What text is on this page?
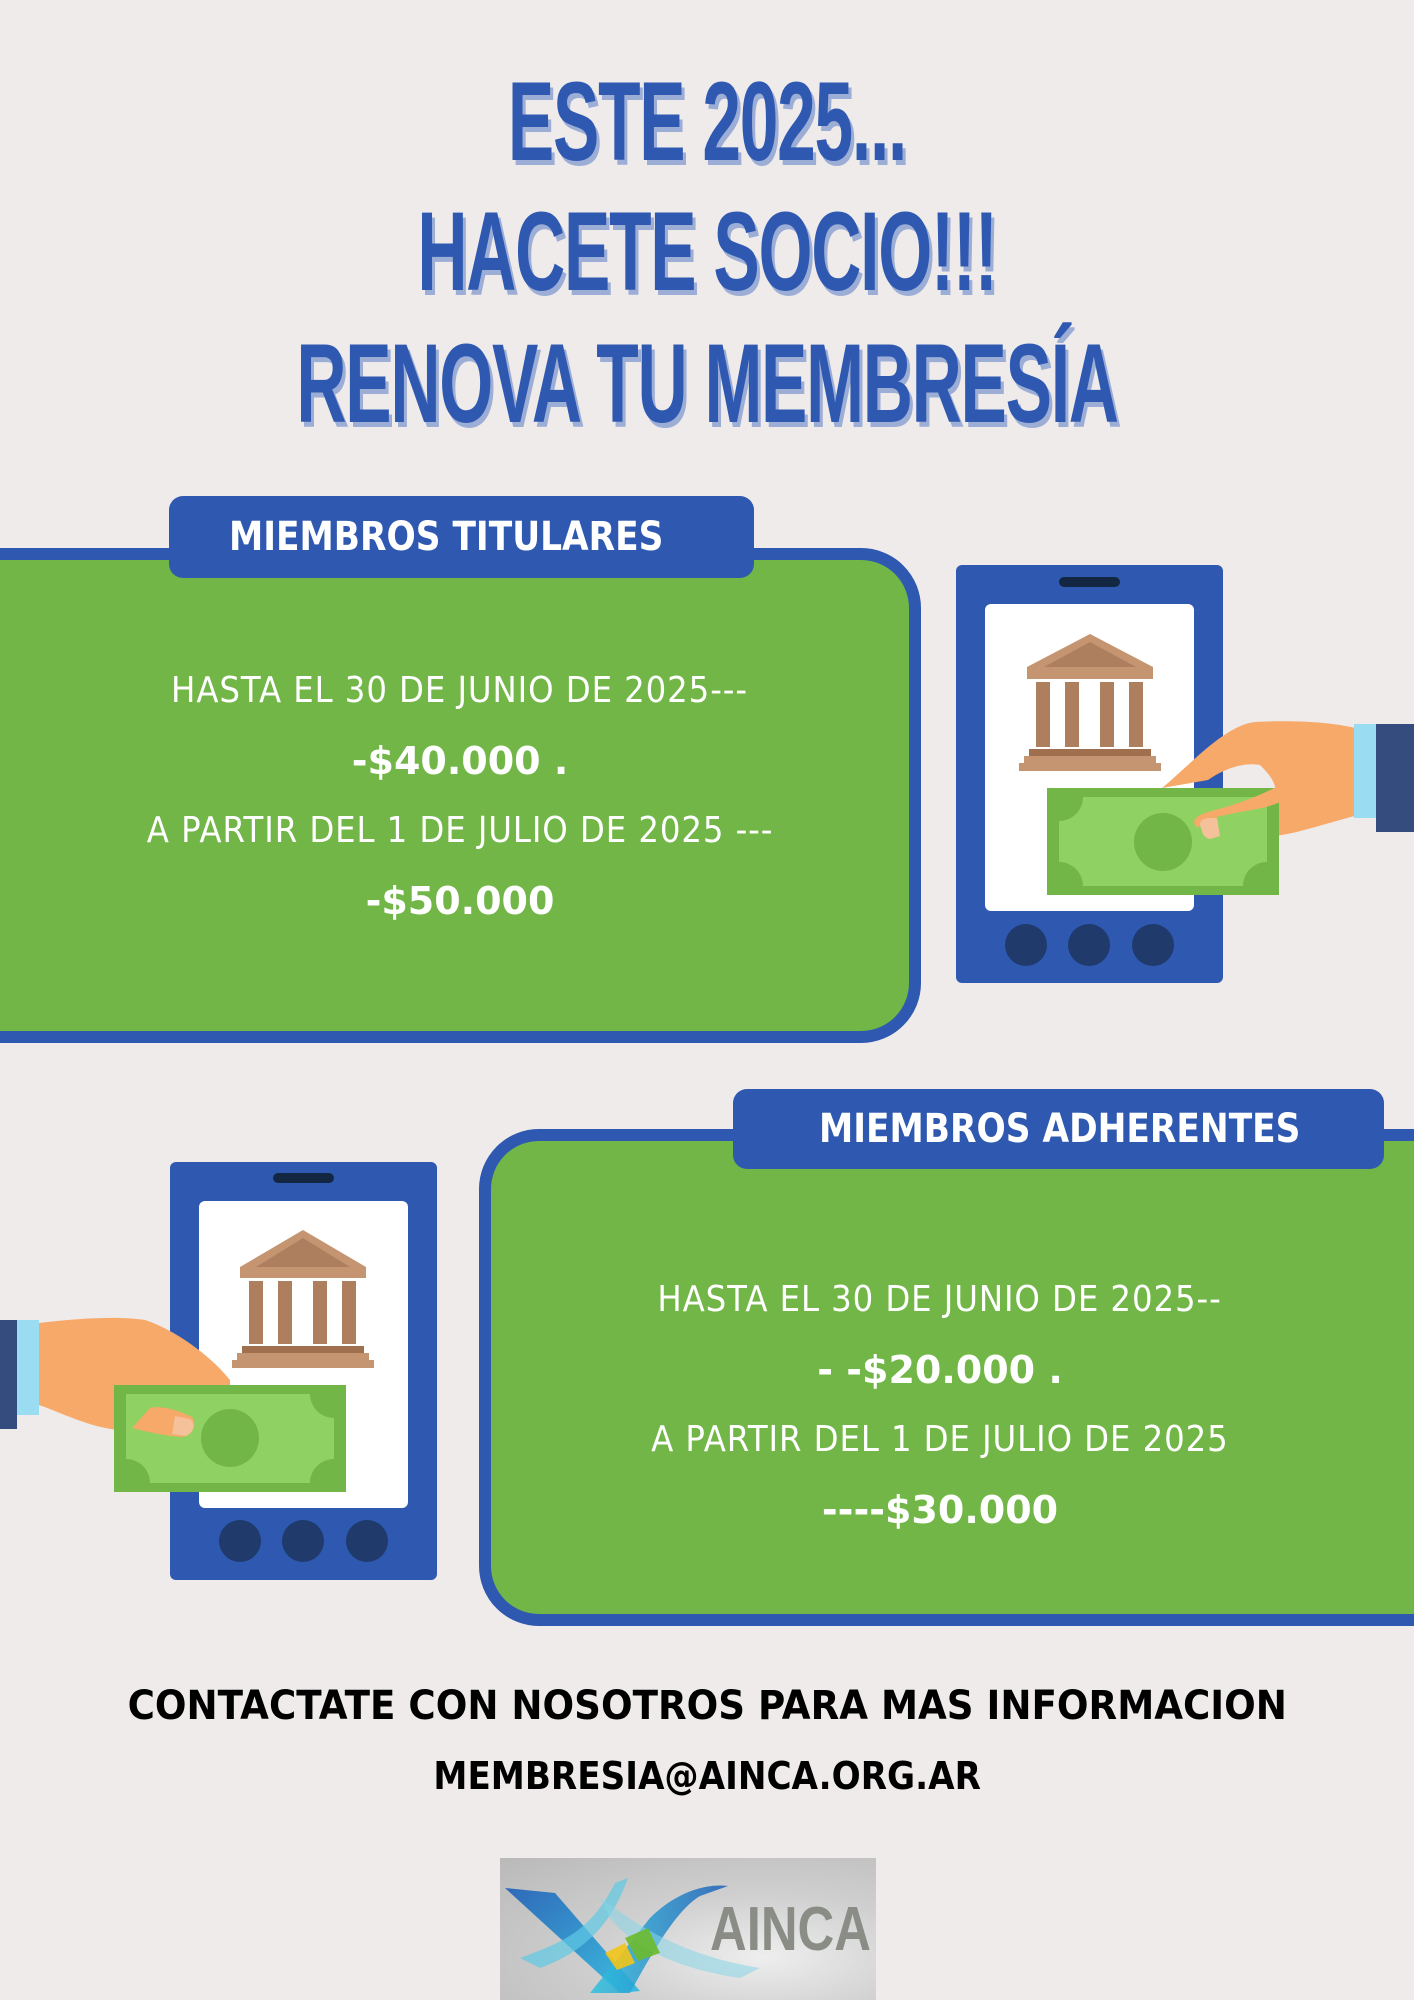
ESTE 2025...
HACETE SOCIO!!!
RENOVA TU MEMBRESÍA
MIEMBROS TITULARES
HASTA EL 30 DE JUNIO DE 2025---
-$40.000 .
A PARTIR DEL 1 DE JULIO DE 2025 ---
-$50.000
MIEMBROS ADHERENTES
HASTA EL 30 DE JUNIO DE 2025--
- -$20.000 .
A PARTIR DEL 1 DE JULIO DE 2025
----$30.000
CONTACTATE CON NOSOTROS PARA MAS INFORMACION
MEMBRESIA@AINCA.ORG.AR
AINCA
